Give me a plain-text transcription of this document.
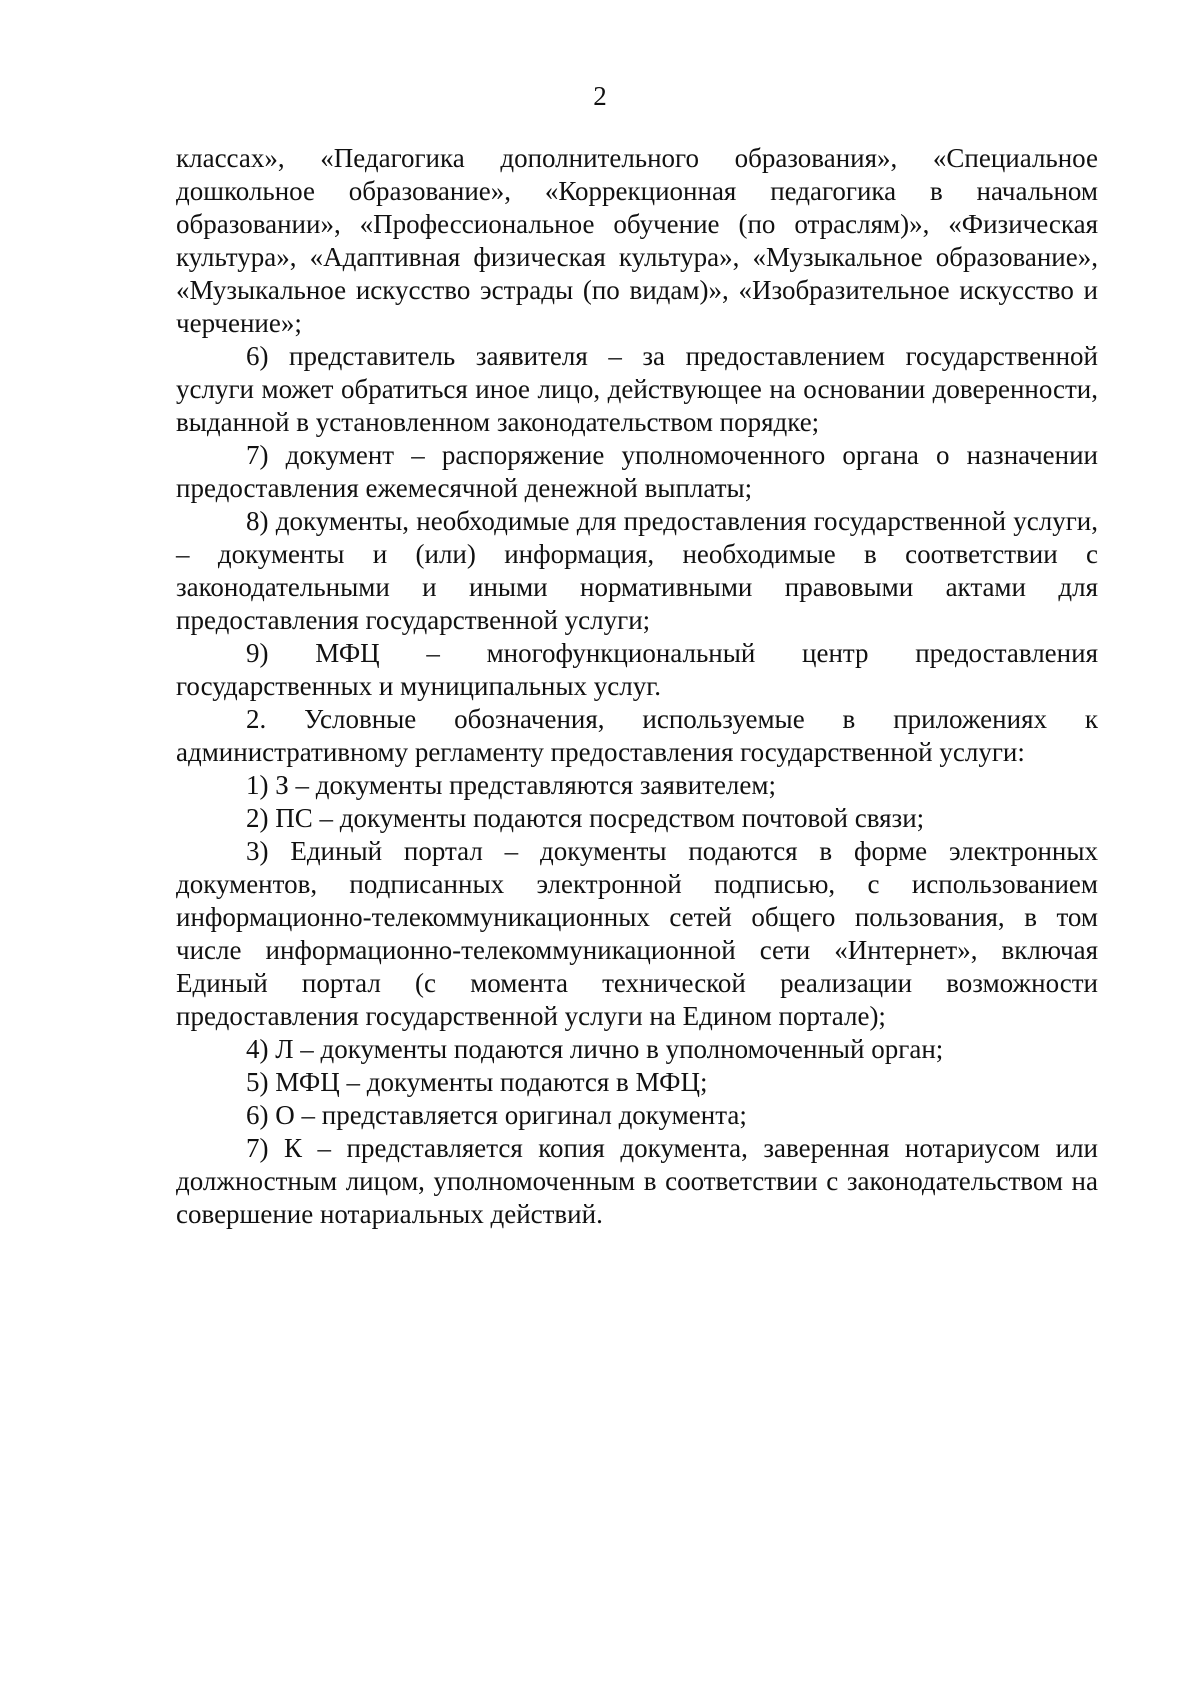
2

классах», «Педагогика дополнительного образования», «Специальное дошкольное образование», «Коррекционная педагогика в начальном образовании», «Профессиональное обучение (по отраслям)», «Физическая культура», «Адаптивная физическая культура», «Музыкальное образование», «Музыкальное искусство эстрады (по видам)», «Изобразительное искусство и черчение»;

6) представитель заявителя – за предоставлением государственной услуги может обратиться иное лицо, действующее на основании доверенности, выданной в установленном законодательством порядке;

7) документ – распоряжение уполномоченного органа о назначении предоставления ежемесячной денежной выплаты;

8) документы, необходимые для предоставления государственной услуги, – документы и (или) информация, необходимые в соответствии с законодательными и иными нормативными правовыми актами для предоставления государственной услуги;

9) МФЦ – многофункциональный центр предоставления государственных и муниципальных услуг.

2. Условные обозначения, используемые в приложениях к административному регламенту предоставления государственной услуги:

1) З – документы представляются заявителем;

2) ПС – документы подаются посредством почтовой связи;

3) Единый портал – документы подаются в форме электронных документов, подписанных электронной подписью, с использованием информационно-телекоммуникационных сетей общего пользования, в том числе информационно-телекоммуникационной сети «Интернет», включая Единый портал (с момента технической реализации возможности предоставления государственной услуги на Едином портале);

4) Л – документы подаются лично в уполномоченный орган;

5) МФЦ – документы подаются в МФЦ;

6) О – представляется оригинал документа;

7) К – представляется копия документа, заверенная нотариусом или должностным лицом, уполномоченным в соответствии с законодательством на совершение нотариальных действий.
